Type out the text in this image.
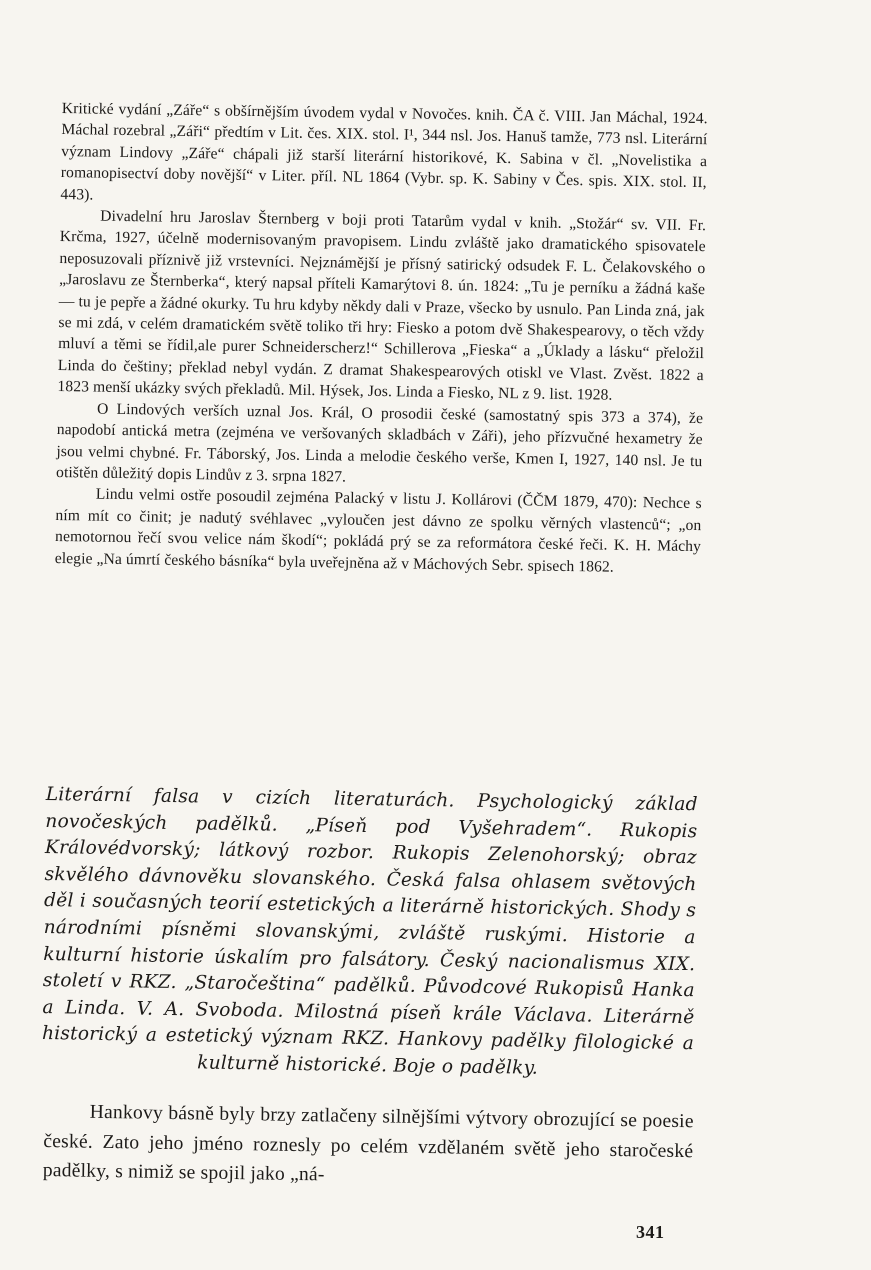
Kritické vydání „Záře“ s obšírnějším úvodem vydal v Novočes. knih. ČA č. VIII. Jan Máchal, 1924. Máchal rozebral „Záři“ předtím v Lit. čes. XIX. stol. I¹, 344 nsl. Jos. Hanuš tamže, 773 nsl. Literární význam Lindovy „Záře“ chápali již starší literární historikové, K. Sabina v čl. „Novelistika a romanopisectví doby novější“ v Liter. příl. NL 1864 (Vybr. sp. K. Sabiny v Čes. spis. XIX. stol. II, 443).

Divadelní hru Jaroslav Šternberg v boji proti Tatarům vydal v knih. „Stožár“ sv. VII. Fr. Krčma, 1927, účelně modernisovaným pravopisem. Lindu zvláště jako dramatického spisovatele neposuzovali příznivě již vrstevníci. Nejznámější je přísný satirický odsudek F. L. Čelakovského o „Jaroslavu ze Šternberka“, který napsal příteli Kamarýtovi 8. ún. 1824: „Tu je perníku a žádná kaše — tu je pepře a žádné okurky. Tu hru kdyby někdy dali v Praze, všecko by usnulo. Pan Linda zná, jak se mi zdá, v celém dramatickém světě toliko tři hry: Fiesko a potom dvě Shakespearovy, o těch vždy mluví a těmi se řídil,ale purer Schneiderscherz!“ Schillerova „Fieska“ a „Úklady a lásku“ přeložil Linda do češtiny; překlad nebyl vydán. Z dramat Shakespearových otiskl ve Vlast. Zvěst. 1822 a 1823 menší ukázky svých překladů. Mil. Hýsek, Jos. Linda a Fiesko, NL z 9. list. 1928.

O Lindových verších uznal Jos. Král, O prosodii české (samostatný spis 373 a 374), že napodobí antická metra (zejména ve veršovaných skladbách v Záři), jeho přízvučné hexametry že jsou velmi chybné. Fr. Táborský, Jos. Linda a melodie českého verše, Kmen I, 1927, 140 nsl. Je tu otištěn důležitý dopis Lindův z 3. srpna 1827.

Lindu velmi ostře posoudil zejména Palacký v listu J. Kollárovi (ČČM 1879, 470): Nechce s ním mít co činit; je nadutý svéhlavec „vyloučen jest dávno ze spolku věrných vlastenců“; „on nemotornou řečí svou velice nám škodí“; pokládá prý se za reformátora české řeči. K. H. Máchy elegie „Na úmrtí českého básníka“ byla uveřejněna až v Máchových Sebr. spisech 1862.

Literární falsa v cizích literaturách. Psychologický základ novočeských padělků. „Píseň pod Vyšehradem“. Rukopis Královédvorský; látkový rozbor. Rukopis Zelenohorský; obraz skvělého dávnověku slovanského. Česká falsa ohlasem světových děl i současných teorií estetických a literárně historických. Shody s národními písněmi slovanskými, zvláště ruskými. Historie a kulturní historie úskalím pro falsátory. Český nacionalismus XIX. století v RKZ. „Staročeština“ padělků. Původcové Rukopisů Hanka a Linda. V. A. Svoboda. Milostná píseň krále Václava. Literárně historický a estetický význam RKZ. Hankovy padělky filologické a kulturně historické. Boje o padělky.
Hankovy básně byly brzy zatlačeny silnějšími výtvory obrozující se poesie české. Zato jeho jméno roznesly po celém vzdělaném světě jeho staročeské padělky, s nimiž se spojil jako „ná-
341
